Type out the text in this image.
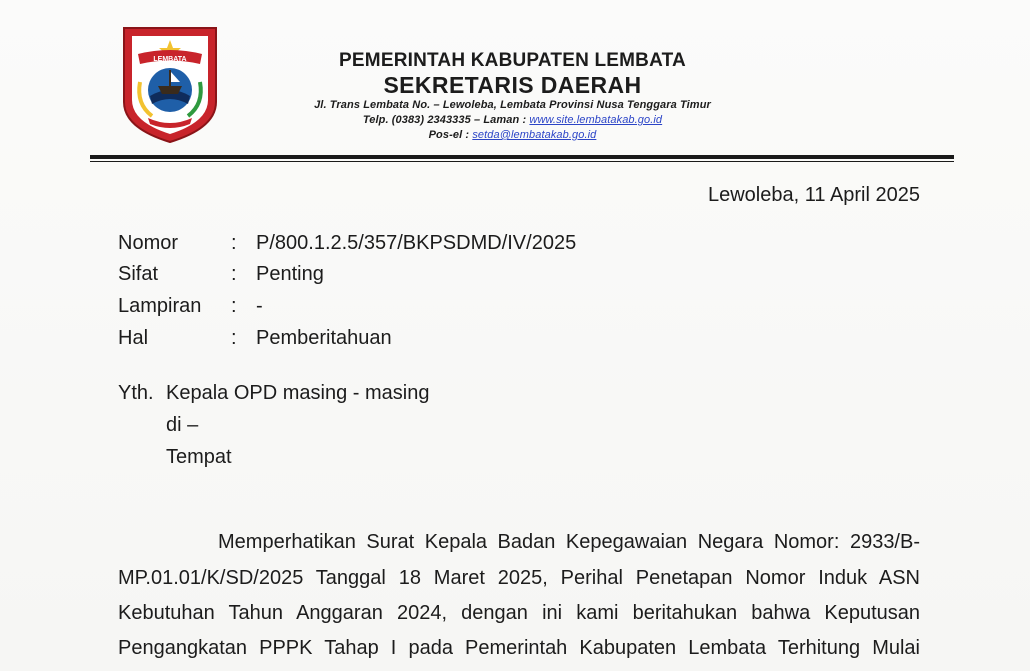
LEMBATA	PEMERINTAH KABUPATEN LEMBATA
SEKRETARIS DAERAH
Jl. Trans Lembata No. – Lewoleba, Lembata Provinsi Nusa Tenggara Timur
Telp. (0383) 2343335 – Laman : www.site.lembatakab.go.id
Pos-el : setda@lembatakab.go.id
Lewoleba, 11 April 2025
Nomor	: P/800.1.2.5/357/BKPSDMD/IV/2025
Sifat	: Penting
Lampiran : -
Hal	: Pemberitahuan
Yth. Kepala OPD masing - masing
di –
Tempat
Memperhatikan Surat Kepala Badan Kepegawaian Negara Nomor: 2933/B-
MP.01.01/K/SD/2025 Tanggal 18 Maret 2025, Perihal Penetapan Nomor Induk ASN
Kebutuhan Tahun Anggaran 2024, dengan ini kami beritahukan bahwa Keputusan
Pengangkatan PPPK Tahap I pada Pemerintah Kabupaten Lembata Terhitung Mulai
